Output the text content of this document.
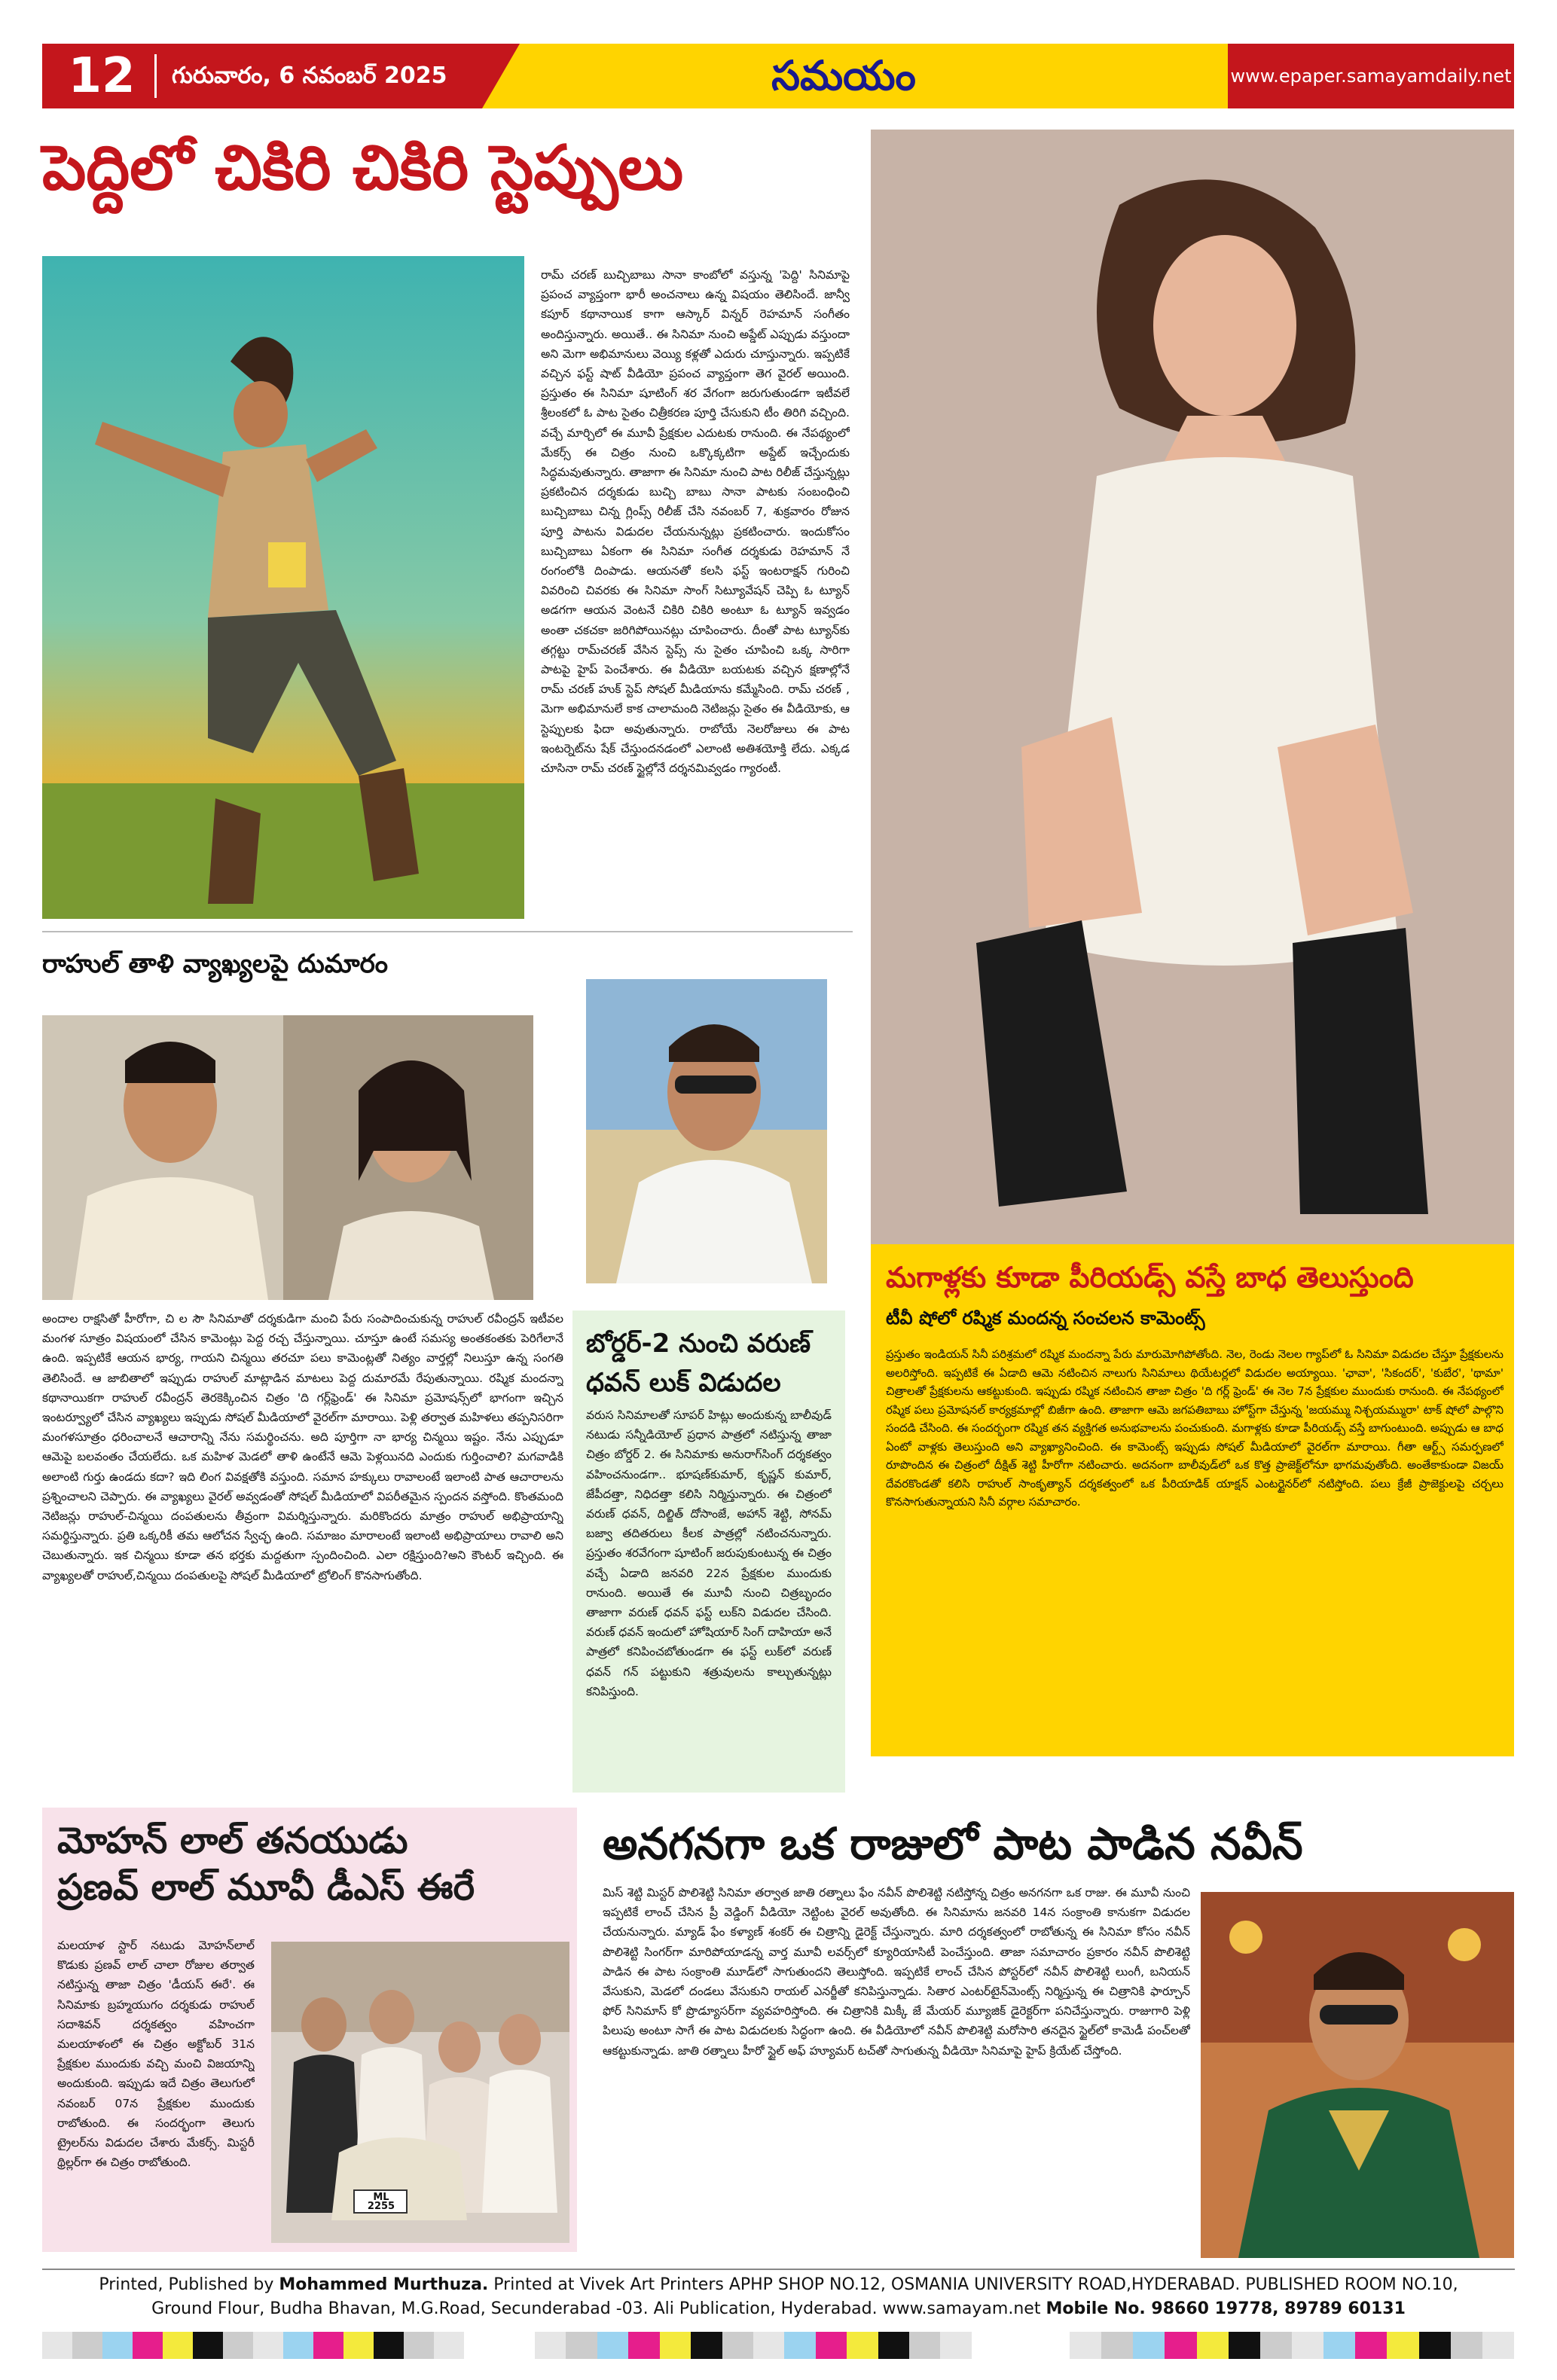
12	గురువారం, 6 నవంబర్ 2025	సమయం	www.epaper.samayamdaily.net
పెద్దిలో చికిరి చికిరి స్టెప్పులు
రామ్ చరణ్ బుచ్చిబాబు సానా కాంబోలో వస్తున్న 'పెద్ది' సినిమాపై ప్రపంచ వ్యాప్తంగా భారీ అంచనాలు ఉన్న విషయం తెలిసిందే. జాన్వీ కపూర్ కథానాయిక కాగా ఆస్కార్ విన్నర్ రెహమాన్ సంగీతం అందిస్తున్నారు. అయితే.. ఈ సినిమా నుంచి అప్డేట్ ఎప్పుడు వస్తుందా అని మెగా అభిమానులు వెయ్యి కళ్లతో ఎదురు చూస్తున్నారు. ఇప్పటికే వచ్చిన ఫస్ట్ షాట్ వీడియో ప్రపంచ వ్యాప్తంగా తెగ వైరల్ అయింది. ప్రస్తుతం ఈ సినిమా షూటింగ్ శర వేగంగా జరుగుతుండగా ఇటీవలే శ్రీలంకలో ఓ పాట సైతం చిత్రీకరణ పూర్తి చేసుకుని టీం తిరిగి వచ్చింది. వచ్చే మార్చిలో ఈ మూవీ ప్రేక్షకుల ఎదుటకు రానుంది. ఈ నేపథ్యంలో మేకర్స్ ఈ చిత్రం నుంచి ఒక్కొక్కటిగా అప్డేట్ ఇచ్చేందుకు సిద్ధమవుతున్నారు. తాజాగా ఈ సినిమా నుంచి పాట రిలీజ్ చేస్తున్నట్లు ప్రకటించిన దర్శకుడు బుచ్చి బాబు సానా పాటకు సంబంధించి బుచ్చిబాబు చిన్న గ్లింప్స్ రిలీజ్ చేసి నవంబర్ 7, శుక్రవారం రోజున పూర్తి పాటను విడుదల చేయనున్నట్లు ప్రకటించారు. ఇందుకోసం బుచ్చిబాబు ఏకంగా ఈ సినిమా సంగీత దర్శకుడు రెహమాన్ నే రంగంలోకి దింపాడు. ఆయనతో కలసి ఫస్ట్ ఇంటరాక్షన్ గురించి వివరించి చివరకు ఈ సినిమా సాంగ్ సిట్యూవేషన్ చెప్పి ఓ ట్యూన్ అడగగా ఆయన వెంటనే చికిరి చికిరి అంటూ ఓ ట్యూన్ ఇవ్వడం అంతా చకచకా జరిగిపోయినట్లు చూపించారు. దీంతో పాట ట్యూన్‌కు తగ్గట్టు రామ్‌చరణ్ వేసిన స్టెప్స్ ను సైతం చూపించి ఒక్క సారిగా పాటపై హైప్ పెంచేశారు. ఈ వీడియో బయటకు వచ్చిన క్షణాల్లోనే రామ్ చరణ్ హుక్ స్టెప్ సోషల్ మీడియాను కమ్మేసింది. రామ్ చరణ్ , మెగా అభిమానులే కాక చాలామంది నెటిజన్లు సైతం ఈ వీడియోకు, ఆ స్టెప్పులకు ఫిదా అవుతున్నారు. రాబోయే నెలరోజులు ఈ పాట ఇంటర్నెట్‌ను షేక్ చేస్తుందనడంలో ఎలాంటి అతిశయోక్తి లేదు. ఎక్కడ చూసినా రామ్ చరణ్ స్టైల్లోనే దర్శనమివ్వడం గ్యారంటీ.
రాహుల్ తాళి వ్యాఖ్యలపై దుమారం
అందాల రాక్షసితో హీరోగా, చి ల సౌ సినిమాతో దర్శకుడిగా మంచి పేరు సంపాదించుకున్న రాహుల్ రవీంద్రన్ ఇటీవల మంగళ సూత్రం విషయంలో చేసిన కామెంట్లు పెద్ద రచ్చ చేస్తున్నాయి. చూస్తూ ఉంటే సమస్య అంతకంతకు పెరిగేలానే ఉంది. ఇప్పటికే ఆయన భార్య, గాయని చిన్మయి తరచూ పలు కామెంట్లతో నిత్యం వార్తల్లో నిలుస్తూ ఉన్న సంగతి తెలిసిందే. ఆ జాబితాలో ఇప్పుడు రాహుల్ మాట్లాడిన మాటలు పెద్ద దుమారమే రేపుతున్నాయి. రష్మిక మందన్నా కథానాయికగా రాహుల్ రవీంద్రన్ తెరకెక్కించిన చిత్రం 'ది గర్ల్‌ఫ్రెండ్' ఈ సినిమా ప్రమోషన్స్‌లో భాగంగా ఇచ్చిన ఇంటర్వ్యూలో చేసిన వ్యాఖ్యలు ఇప్పుడు సోషల్ మీడియాలో వైరల్‌గా మారాయి. పెళ్లి తర్వాత మహిళలు తప్పనిసరిగా మంగళసూత్రం ధరించాలనే ఆచారాన్ని నేను సమర్థించను. అది పూర్తిగా నా భార్య చిన్మయి ఇష్టం. నేను ఎప్పుడూ ఆమెపై బలవంతం చేయలేదు. ఒక మహిళ మెడలో తాళి ఉంటేనే ఆమె పెళ్లయినది ఎందుకు గుర్తించాలి? మగవాడికి అలాంటి గుర్తు ఉండదు కదా? ఇది లింగ వివక్షతోకి వస్తుంది. సమాన హక్కులు రావాలంటే ఇలాంటి పాత ఆచారాలను ప్రశ్నించాలని చెప్పారు. ఈ వ్యాఖ్యలు వైరల్ అవ్వడంతో సోషల్ మీడియాలో విపరీతమైన స్పందన వస్తోంది. కొంతమంది నెటిజన్లు రాహుల్-చిన్మయి దంపతులను తీవ్రంగా విమర్శిస్తున్నారు. మరికొందరు మాత్రం రాహుల్ అభిప్రాయాన్ని సమర్థిస్తున్నారు. ప్రతి ఒక్కరికీ తమ ఆలోచన స్వేచ్ఛ ఉంది. సమాజం మారాలంటే ఇలాంటి అభిప్రాయాలు రావాలి అని చెబుతున్నారు. ఇక చిన్మయి కూడా తన భర్తకు మద్దతుగా స్పందించింది. ఎలా రక్షిస్తుంది?అని కౌంటర్ ఇచ్చింది. ఈ వ్యాఖ్యలతో రాహుల్,చిన్మయి దంపతులపై సోషల్ మీడియాలో ట్రోలింగ్ కొనసాగుతోంది.
బోర్డర్-2 నుంచి వరుణ్ ధవన్ లుక్ విడుదల
వరుస సినిమాలతో సూపర్ హిట్లు అందుకున్న బాలీవుడ్ నటుడు సన్నీడియోల్ ప్రధాన పాత్రలో నటిస్తున్న తాజా చిత్రం బోర్డర్ 2. ఈ సినిమాకు అనురాగ్‌సింగ్ దర్శకత్వం వహించనుండగా.. భూషణ్‌కుమార్, కృష్ణన్ కుమార్, జేపీదత్తా, నిధిదత్తా కలిసి నిర్మిస్తున్నారు. ఈ చిత్రంలో వరుణ్ ధవన్, దిల్జిత్ దోసాంజే, అహాన్ శెట్టి, సోనమ్ బజ్వా తదితరులు కీలక పాత్రల్లో నటించనున్నారు. ప్రస్తుతం శరవేగంగా షూటింగ్ జరుపుకుంటున్న ఈ చిత్రం వచ్చే ఏడాది జనవరి 22న ప్రేక్షకుల ముందుకు రానుంది. అయితే ఈ మూవీ నుంచి చిత్రబృందం తాజాగా వరుణ్ ధవన్ ఫస్ట్ లుక్‌ని విడుదల చేసింది. వరుణ్ ధవన్ ఇందులో హోషియార్ సింగ్ దాహియా అనే పాత్రలో కనిపించబోతుండగా ఈ ఫస్ట్ లుక్‌లో వరుణ్ ధవన్ గన్ పట్టుకుని శత్రువులను కాల్చుతున్నట్లు కనిపిస్తుంది.
మగాళ్లకు కూడా పీరియడ్స్ వస్తే బాధ తెలుస్తుంది
టీవీ షోలో రష్మిక మందన్న సంచలన కామెంట్స్
ప్రస్తుతం ఇండియన్ సినీ పరిశ్రమలో రష్మిక మందన్నా పేరు మారుమోగిపోతోంది. నెల, రెండు నెలల గ్యాప్‌లో ఓ సినిమా విడుదల చేస్తూ ప్రేక్షకులను అలరిస్తోంది. ఇప్పటికే ఈ ఏడాది ఆమె నటించిన నాలుగు సినిమాలు థియేటర్లలో విడుదల అయ్యాయి. 'ఛావా', 'సికందర్', 'కుబేర', 'థామా' చిత్రాలతో ప్రేక్షకులను ఆకట్టుకుంది. ఇప్పుడు రష్మిక నటించిన తాజా చిత్రం 'ది గర్ల్ ఫ్రెండ్' ఈ నెల 7న ప్రేక్షకుల ముందుకు రానుంది. ఈ నేపథ్యంలో రష్మిక పలు ప్రమోషనల్ కార్యక్రమాల్లో బిజీగా ఉంది. తాజాగా ఆమె జగపతిబాబు హోస్ట్‌గా చేస్తున్న 'జయమ్ము నిశ్చయమ్మురా' టాక్ షోలో పాల్గొని సందడి చేసింది. ఈ సందర్భంగా రష్మిక తన వ్యక్తిగత అనుభవాలను పంచుకుంది. మగాళ్లకు కూడా పీరియడ్స్ వస్తే బాగుంటుంది. అప్పుడు ఆ బాధ ఏంటో వాళ్లకు తెలుస్తుంది అని వ్యాఖ్యానించింది. ఈ కామెంట్స్ ఇప్పుడు సోషల్ మీడియాలో వైరల్‌గా మారాయి. గీతా ఆర్ట్స్ సమర్పణలో రూపొందిన ఈ చిత్రంలో దీక్షిత్ శెట్టి హీరోగా నటించారు. అదనంగా బాలీవుడ్‌లో ఒక కొత్త ప్రాజెక్ట్‌లోనూ భాగమవుతోంది. అంతేకాకుండా విజయ్ దేవరకొండతో కలిసి రాహుల్ సాంకృత్యాన్ దర్శకత్వంలో ఒక పీరియాడిక్ యాక్షన్ ఎంటర్టైనర్‌లో నటిస్తోంది. పలు క్రేజీ ప్రాజెక్టులపై చర్చలు కొనసాగుతున్నాయని సినీ వర్గాల సమాచారం.
మోహన్ లాల్ తనయుడు
ప్రణవ్ లాల్ మూవీ డీఎస్ ఈరే
మలయాళ స్టార్ నటుడు మోహన్‌లాల్ కొడుకు ప్రణవ్ లాల్ చాలా రోజుల తర్వాత నటిస్తున్న తాజా చిత్రం 'డీయస్ ఈరే'. ఈ సినిమాకు బ్రహ్మయుగం దర్శకుడు రాహుల్ సదాశివన్ దర్శకత్వం వహించగా మలయాళంలో ఈ చిత్రం అక్టోబర్ 31న ప్రేక్షకుల ముందుకు వచ్చి మంచి విజయాన్ని అందుకుంది. ఇప్పుడు ఇదే చిత్రం తెలుగులో నవంబర్ 07న ప్రేక్షకుల ముందుకు రాబోతుంది. ఈ సందర్భంగా తెలుగు ట్రైలర్‌ను విడుదల చేశారు మేకర్స్. మిస్టరీ థ్రిల్లర్‌గా ఈ చిత్రం రాబోతుంది.
ML 2255
అనగనగా ఒక రాజులో పాట పాడిన నవీన్
మిస్ శెట్టి మిస్టర్ పొలిశెట్టి సినిమా తర్వాత జాతి రత్నాలు ఫేం నవీన్ పొలిశెట్టి నటిస్తోన్న చిత్రం అనగనగా ఒక రాజు. ఈ మూవీ నుంచి ఇప్పటికే లాంచ్ చేసిన ప్రీ వెడ్డింగ్ వీడియో నెట్టింట వైరల్ అవుతోంది. ఈ సినిమాను జనవరి 14న సంక్రాంతి కానుకగా విడుదల చేయనున్నారు. మ్యాడ్ ఫేం కళ్యాణ్ శంకర్ ఈ చిత్రాన్ని డైరెక్ట్ చేస్తున్నారు. మారి దర్శకత్వంలో రాబోతున్న ఈ సినిమా కోసం నవీన్ పొలిశెట్టి సింగర్‌గా మారిపోయాడన్న వార్త మూవీ లవర్స్‌లో క్యూరియాసిటీ పెంచేస్తుంది. తాజా సమాచారం ప్రకారం నవీన్ పొలిశెట్టి పాడిన ఈ పాట సంక్రాంతి మూడ్‌లో సాగుతుందని తెలుస్తోంది. ఇప్పటికే లాంచ్ చేసిన పోస్టర్‌లో నవీన్ పొలిశెట్టి లుంగీ, బనియన్ వేసుకుని, మెడలో దండలు వేసుకుని రాయల్ ఎనర్జీతో కనిపిస్తున్నాడు. సితార ఎంటర్‌టైన్‌మెంట్స్ నిర్మిస్తున్న ఈ చిత్రానికి ఫార్చూన్ ఫోర్ సినిమాస్ కో ప్రొడ్యూసర్‌గా వ్యవహరిస్తోంది. ఈ చిత్రానికి మిక్కీ జే మేయర్ మ్యూజిక్ డైరెక్టర్‌గా పనిచేస్తున్నారు. రాజుగారి పెళ్లి పిలుపు అంటూ సాగే ఈ పాట విడుదలకు సిద్ధంగా ఉంది. ఈ వీడియోలో నవీన్ పొలిశెట్టి మరోసారి తనదైన స్టైల్‌లో కామెడీ పంచ్‌లతో ఆకట్టుకున్నాడు. జాతి రత్నాలు హీరో స్టైల్ అఫ్ హ్యూమర్ టచ్‌తో సాగుతున్న వీడియో సినిమాపై హైప్ క్రియేట్ చేస్తోంది.
Printed, Published by Mohammed Murthuza. Printed at Vivek Art Printers APHP SHOP NO.12, OSMANIA UNIVERSITY ROAD,HYDERABAD. PUBLISHED ROOM NO.10,
Ground Flour, Budha Bhavan, M.G.Road, Secunderabad -03. Ali Publication, Hyderabad. www.samayam.net Mobile No. 98660 19778, 89789 60131
